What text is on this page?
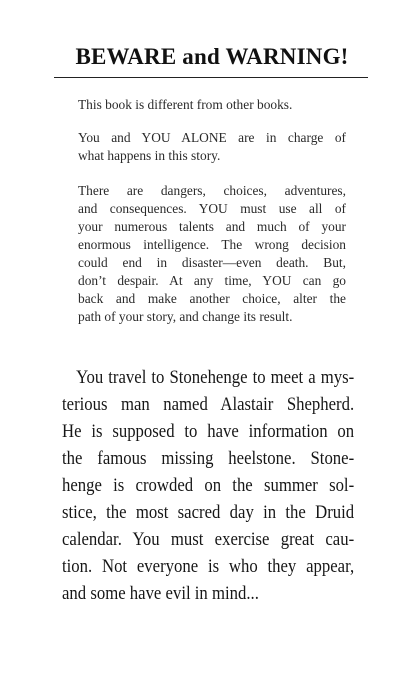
BEWARE and WARNING!
This book is different from other books.
You and YOU ALONE are in charge of
what happens in this story.
There are dangers, choices, adventures,
and consequences. YOU must use all of
your numerous talents and much of your
enormous intelligence. The wrong decision
could end in disaster—even death. But,
don’t despair. At any time, YOU can go
back and make another choice, alter the
path of your story, and change its result.
You travel to Stonehenge to meet a mys-
terious man named Alastair Shepherd.
He is supposed to have information on
the famous missing heelstone. Stone-
henge is crowded on the summer sol-
stice, the most sacred day in the Druid
calendar. You must exercise great cau-
tion. Not everyone is who they appear,
and some have evil in mind...
